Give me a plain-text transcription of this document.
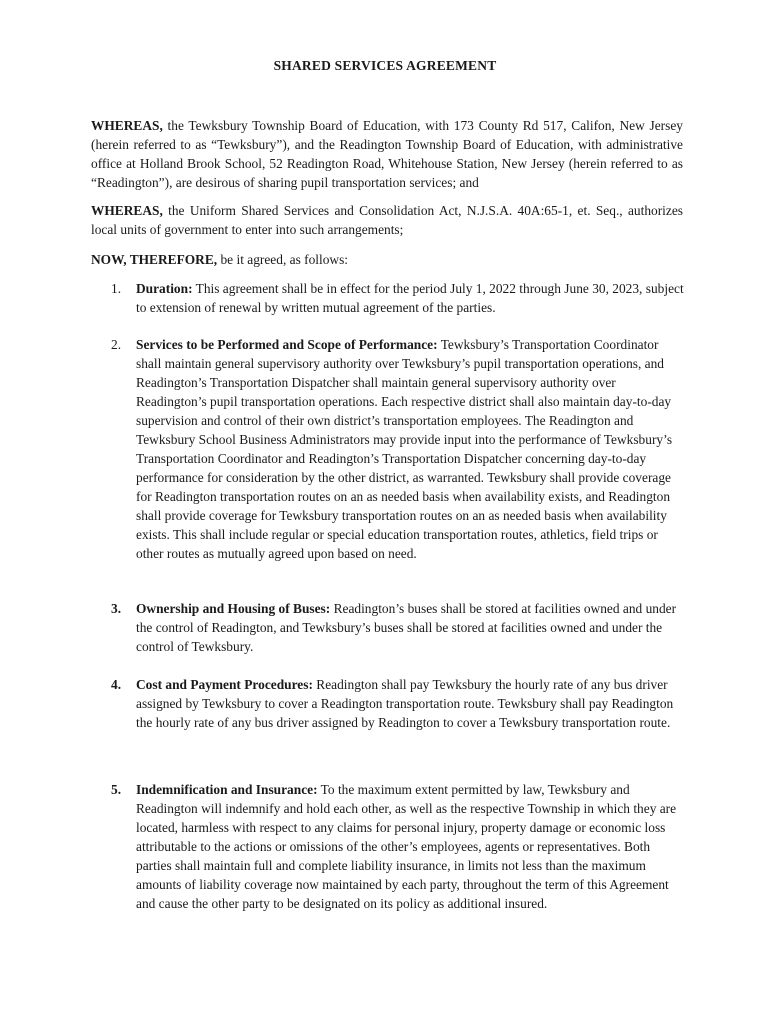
SHARED SERVICES AGREEMENT
WHEREAS, the Tewksbury Township Board of Education, with 173 County Rd 517, Califon, New Jersey (herein referred to as “Tewksbury”), and the Readington Township Board of Education, with administrative office at Holland Brook School, 52 Readington Road, Whitehouse Station, New Jersey (herein referred to as “Readington”), are desirous of sharing pupil transportation services; and
WHEREAS, the Uniform Shared Services and Consolidation Act, N.J.S.A. 40A:65-1, et. Seq., authorizes local units of government to enter into such arrangements;
NOW, THEREFORE, be it agreed, as follows:
1.	Duration: This agreement shall be in effect for the period July 1, 2022 through June 30, 2023, subject to extension of renewal by written mutual agreement of the parties.
2.	Services to be Performed and Scope of Performance: Tewksbury’s Transportation Coordinator shall maintain general supervisory authority over Tewksbury’s pupil transportation operations, and Readington’s Transportation Dispatcher shall maintain general supervisory authority over Readington’s pupil transportation operations. Each respective district shall also maintain day-to-day supervision and control of their own district’s transportation employees. The Readington and Tewksbury School Business Administrators may provide input into the performance of Tewksbury’s Transportation Coordinator and Readington’s Transportation Dispatcher concerning day-to-day performance for consideration by the other district, as warranted. Tewksbury shall provide coverage for Readington transportation routes on an as needed basis when availability exists, and Readington shall provide coverage for Tewksbury transportation routes on an as needed basis when availability exists. This shall include regular or special education transportation routes, athletics, field trips or other routes as mutually agreed upon based on need.
3.	Ownership and Housing of Buses: Readington’s buses shall be stored at facilities owned and under the control of Readington, and Tewksbury’s buses shall be stored at facilities owned and under the control of Tewksbury.
4.	Cost and Payment Procedures: Readington shall pay Tewksbury the hourly rate of any bus driver assigned by Tewksbury to cover a Readington transportation route. Tewksbury shall pay Readington the hourly rate of any bus driver assigned by Readington to cover a Tewksbury transportation route.
5.	Indemnification and Insurance: To the maximum extent permitted by law, Tewksbury and Readington will indemnify and hold each other, as well as the respective Township in which they are located, harmless with respect to any claims for personal injury, property damage or economic loss attributable to the actions or omissions of the other’s employees, agents or representatives. Both parties shall maintain full and complete liability insurance, in limits not less than the maximum amounts of liability coverage now maintained by each party, throughout the term of this Agreement and cause the other party to be designated on its policy as additional insured.
